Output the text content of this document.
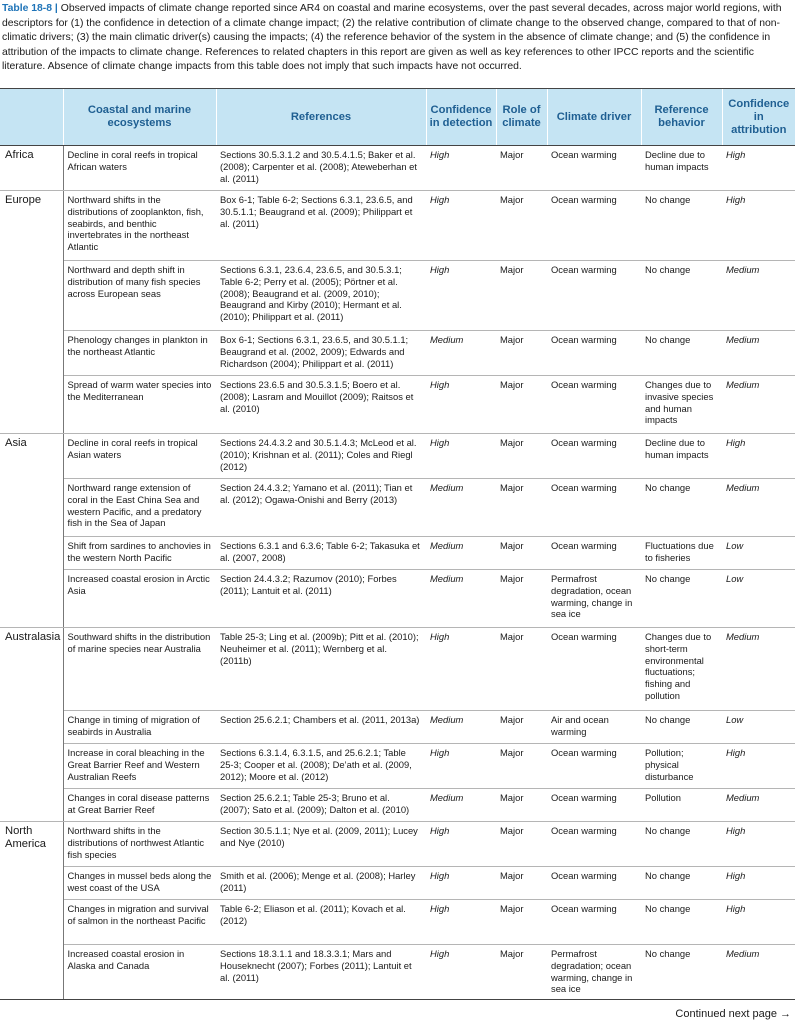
Table 18-8 | Observed impacts of climate change reported since AR4 on coastal and marine ecosystems, over the past several decades, across major world regions, with descriptors for (1) the confidence in detection of a climate change impact; (2) the relative contribution of climate change to the observed change, compared to that of non-climatic drivers; (3) the main climatic driver(s) causing the impacts; (4) the reference behavior of the system in the absence of climate change; and (5) the confidence in attribution of the impacts to climate change. References to related chapters in this report are given as well as key references to other IPCC reports and the scientific literature. Absence of climate change impacts from this table does not imply that such impacts have not occurred.
	Coastal and marine ecosystems	References	Confidence in detection	Role of climate	Climate driver	Reference behavior	Confidence in attribution
Africa	Decline in coral reefs in tropical African waters	Sections 30.5.3.1.2 and 30.5.4.1.5; Baker et al. (2008); Carpenter et al. (2008); Ateweberhan et al. (2011)	High	Major	Ocean warming	Decline due to human impacts	High
Europe	Northward shifts in the distributions of zooplankton, fish, seabirds, and benthic invertebrates in the northeast Atlantic	Box 6-1; Table 6-2; Sections 6.3.1, 23.6.5, and 30.5.1.1; Beaugrand et al. (2009); Philippart et al. (2011)	High	Major	Ocean warming	No change	High
	Northward and depth shift in distribution of many fish species across European seas	Sections 6.3.1, 23.6.4, 23.6.5, and 30.5.3.1; Table 6-2; Perry et al. (2005); Pörtner et al. (2008); Beaugrand et al. (2009, 2010); Beaugrand and Kirby (2010); Hermant et al. (2010); Philippart et al. (2011)	High	Major	Ocean warming	No change	Medium
	Phenology changes in plankton in the northeast Atlantic	Box 6-1; Sections 6.3.1, 23.6.5, and 30.5.1.1; Beaugrand et al. (2002, 2009); Edwards and Richardson (2004); Philippart et al. (2011)	Medium	Major	Ocean warming	No change	Medium
	Spread of warm water species into the Mediterranean	Sections 23.6.5 and 30.5.3.1.5; Boero et al. (2008); Lasram and Mouillot (2009); Raitsos et al. (2010)	High	Major	Ocean warming	Changes due to invasive species and human impacts	Medium
Asia	Decline in coral reefs in tropical Asian waters	Sections 24.4.3.2 and 30.5.1.4.3; McLeod et al. (2010); Krishnan et al. (2011); Coles and Riegl (2012)	High	Major	Ocean warming	Decline due to human impacts	High
	Northward range extension of coral in the East China Sea and western Pacific, and a predatory fish in the Sea of Japan	Section 24.4.3.2; Yamano et al. (2011); Tian et al. (2012); Ogawa-Onishi and Berry (2013)	Medium	Major	Ocean warming	No change	Medium
	Shift from sardines to anchovies in the western North Pacific	Sections 6.3.1 and 6.3.6; Table 6-2; Takasuka et al. (2007, 2008)	Medium	Major	Ocean warming	Fluctuations due to fisheries	Low
	Increased coastal erosion in Arctic Asia	Section 24.4.3.2; Razumov (2010); Forbes (2011); Lantuit et al. (2011)	Medium	Major	Permafrost degradation, ocean warming, change in sea ice	No change	Low
Australasia	Southward shifts in the distribution of marine species near Australia	Table 25-3; Ling et al. (2009b); Pitt et al. (2010); Neuheimer et al. (2011); Wernberg et al. (2011b)	High	Major	Ocean warming	Changes due to short-term environmental fluctuations; fishing and pollution	Medium
	Change in timing of migration of seabirds in Australia	Section 25.6.2.1; Chambers et al. (2011, 2013a)	Medium	Major	Air and ocean warming	No change	Low
	Increase in coral bleaching in the Great Barrier Reef and Western Australian Reefs	Sections 6.3.1.4, 6.3.1.5, and 25.6.2.1; Table 25-3; Cooper et al. (2008); De’ath et al. (2009, 2012); Moore et al. (2012)	High	Major	Ocean warming	Pollution; physical disturbance	High
	Changes in coral disease patterns at Great Barrier Reef	Section 25.6.2.1; Table 25-3; Bruno et al. (2007); Sato et al. (2009); Dalton et al. (2010)	Medium	Major	Ocean warming	Pollution	Medium
North America	Northward shifts in the distributions of northwest Atlantic fish species	Section 30.5.1.1; Nye et al. (2009, 2011); Lucey and Nye (2010)	High	Major	Ocean warming	No change	High
	Changes in mussel beds along the west coast of the USA	Smith et al. (2006); Menge et al. (2008); Harley (2011)	High	Major	Ocean warming	No change	High
	Changes in migration and survival of salmon in the northeast Pacific	Table 6-2; Eliason et al. (2011); Kovach et al. (2012)	High	Major	Ocean warming	No change	High
	Increased coastal erosion in Alaska and Canada	Sections 18.3.1.1 and 18.3.3.1; Mars and Houseknecht (2007); Forbes (2011); Lantuit et al. (2011)	High	Major	Permafrost degradation; ocean warming, change in sea ice	No change	Medium
Continued next page →
